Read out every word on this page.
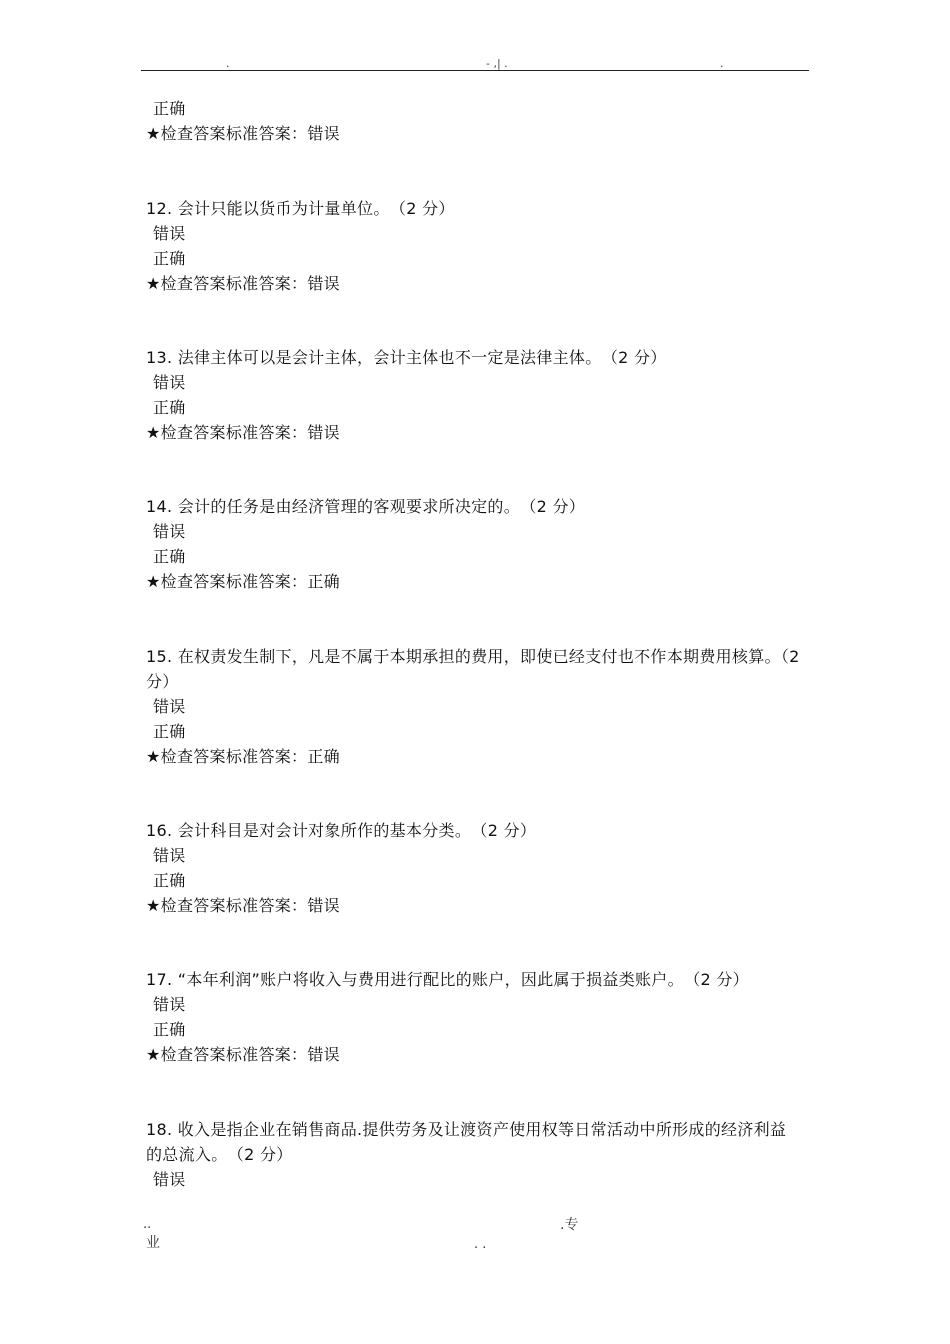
.	- ,| .	.
正确
★检查答案标准答案：错误
12. 会计只能以货币为计量单位。　（2 分）
错误
正确
★检查答案标准答案：错误
13. 法律主体可以是会计主体，会计主体也不一定是法律主体。　（2 分）
错误
正确
★检查答案标准答案：错误
14. 会计的任务是由经济管理的客观要求所决定的。　（2 分）
错误
正确
★检查答案标准答案：正确
15. 在权责发生制下，凡是不属于本期承担的费用，即使已经支付也不作本期费用核算。（2
分）
错误
正确
★检查答案标准答案：正确
16. 会计科目是对会计对象所作的基本分类。　（2 分）
错误
正确
★检查答案标准答案：错误
17. “本年利润”账户将收入与费用进行配比的账户，因此属于损益类账户。　（2 分）
错误
正确
★检查答案标准答案：错误
18. 收入是指企业在销售商品.提供劳务及让渡资产使用权等日常活动中所形成的经济利益
的总流入。　（2 分）
错误
..
业
.专
. .
